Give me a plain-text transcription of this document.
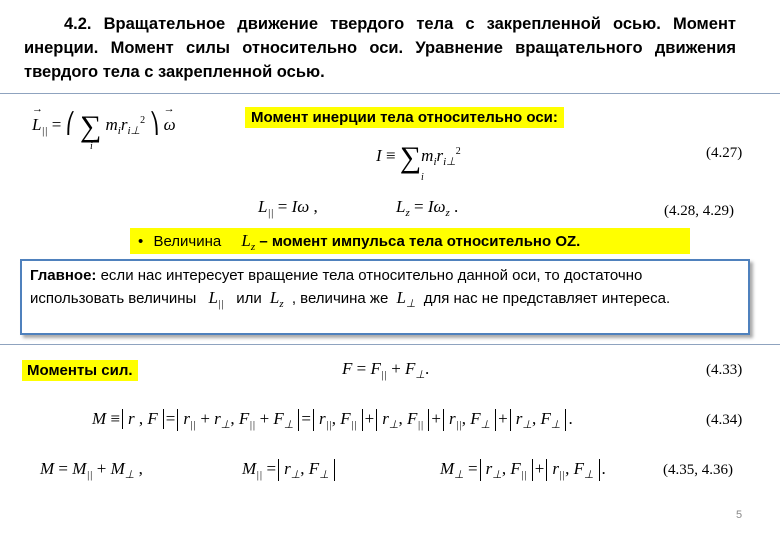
4.2. Вращательное движение твердого тела с закрепленной осью. Момент инерции. Момент силы относительно оси. Уравнение вращательного движения твердого тела с закрепленной осью.
$L_{||}$
→
= ⎛ ∑ $m_ir_{i\perp}^2$ ⎞ ω
→
i
Момент инерции тела относительно оси:
$I \equiv \sum m_ir_{i\perp}^2$
i
(4.27)
$L_{||} = I\omega$ ,	$L_z = I\omega_z$ .	(4.28, 4.29)
• Величина $L_z$ – момент импульса тела относительно OZ.
Главное: если нас интересует вращение тела относительно данной оси, то достаточно использовать величины $L_{||}$ или $L_z$ , величина же $L_\perp$ для нас не представляет интереса.
Моменты сил.	$F = F_{||} + F_\perp$.	(4.33)
M ≡ r , $F = r_{||} + r_\perp$, $F_{||} + F_\perp = r_{||}$, $F_{||} + r_\perp$, $F_{||} + r_{||}$, $F_\perp + r_\perp$, $F_\perp$ .	(4.34)
$M = M_{||} + M_\perp$ ,	$M_{||} = r_\perp$, $F_\perp$	$M_\perp = r_\perp$, $F_{||} + r_{||}$, $F_\perp$ .	(4.35, 4.36)
5
